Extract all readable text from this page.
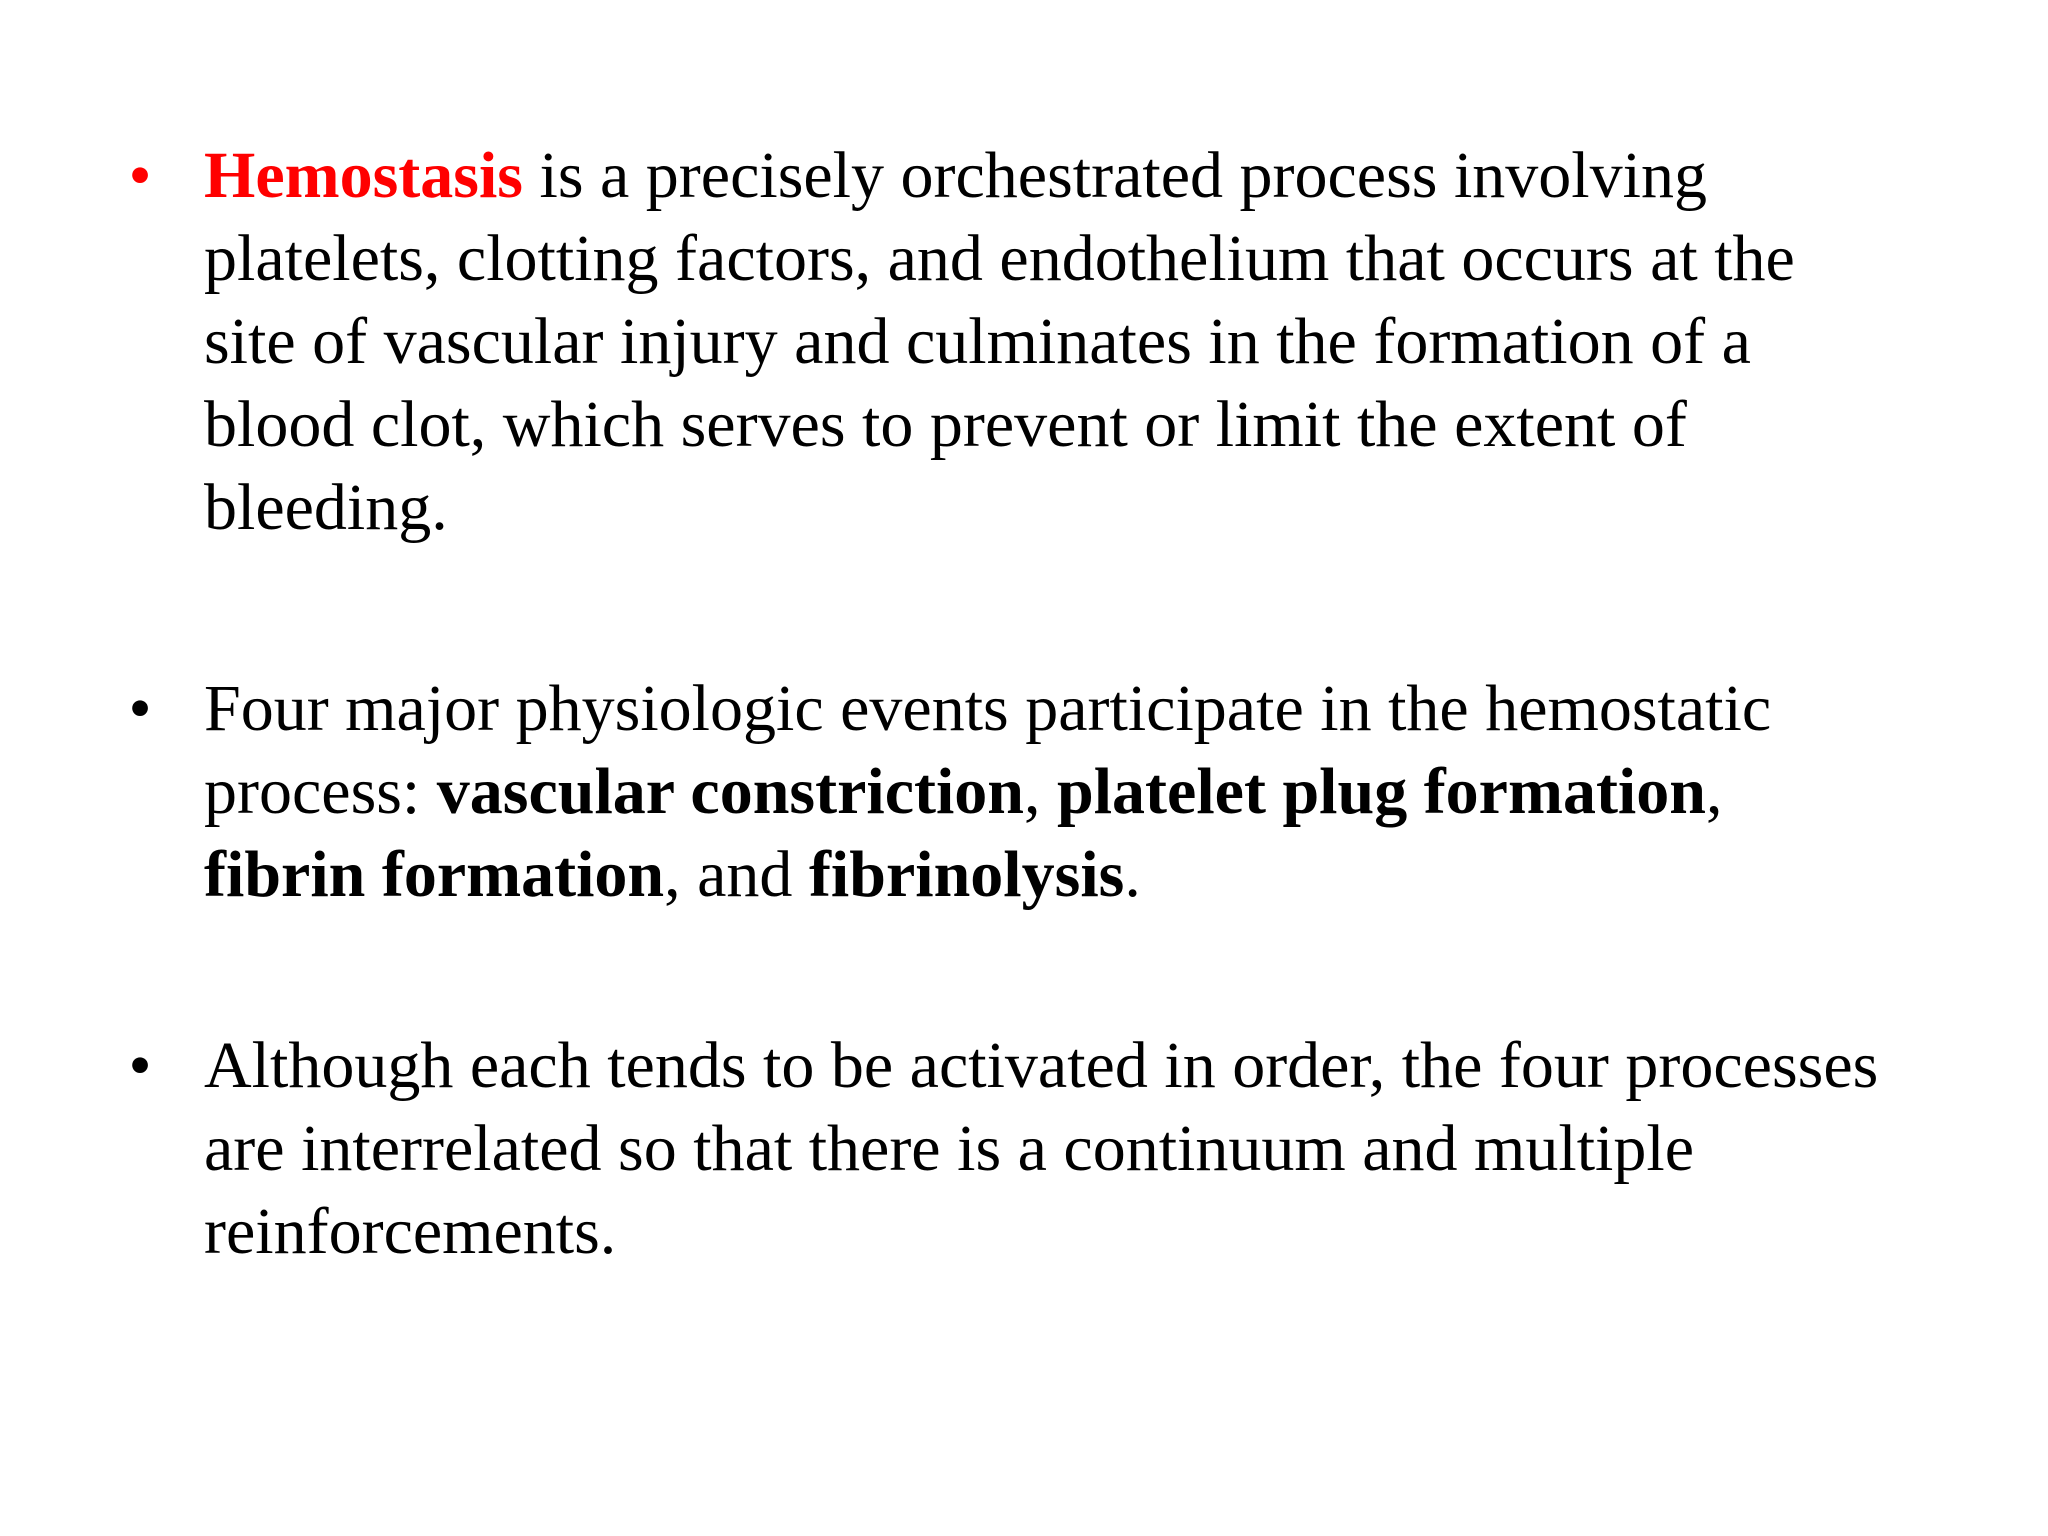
• Hemostasis is a precisely orchestrated process involving platelets, clotting factors, and endothelium that occurs at the site of vascular injury and culminates in the formation of a blood clot, which serves to prevent or limit the extent of bleeding.
• Four major physiologic events participate in the hemostatic process: vascular constriction, platelet plug formation, fibrin formation, and fibrinolysis.
• Although each tends to be activated in order, the four processes are interrelated so that there is a continuum and multiple reinforcements.
